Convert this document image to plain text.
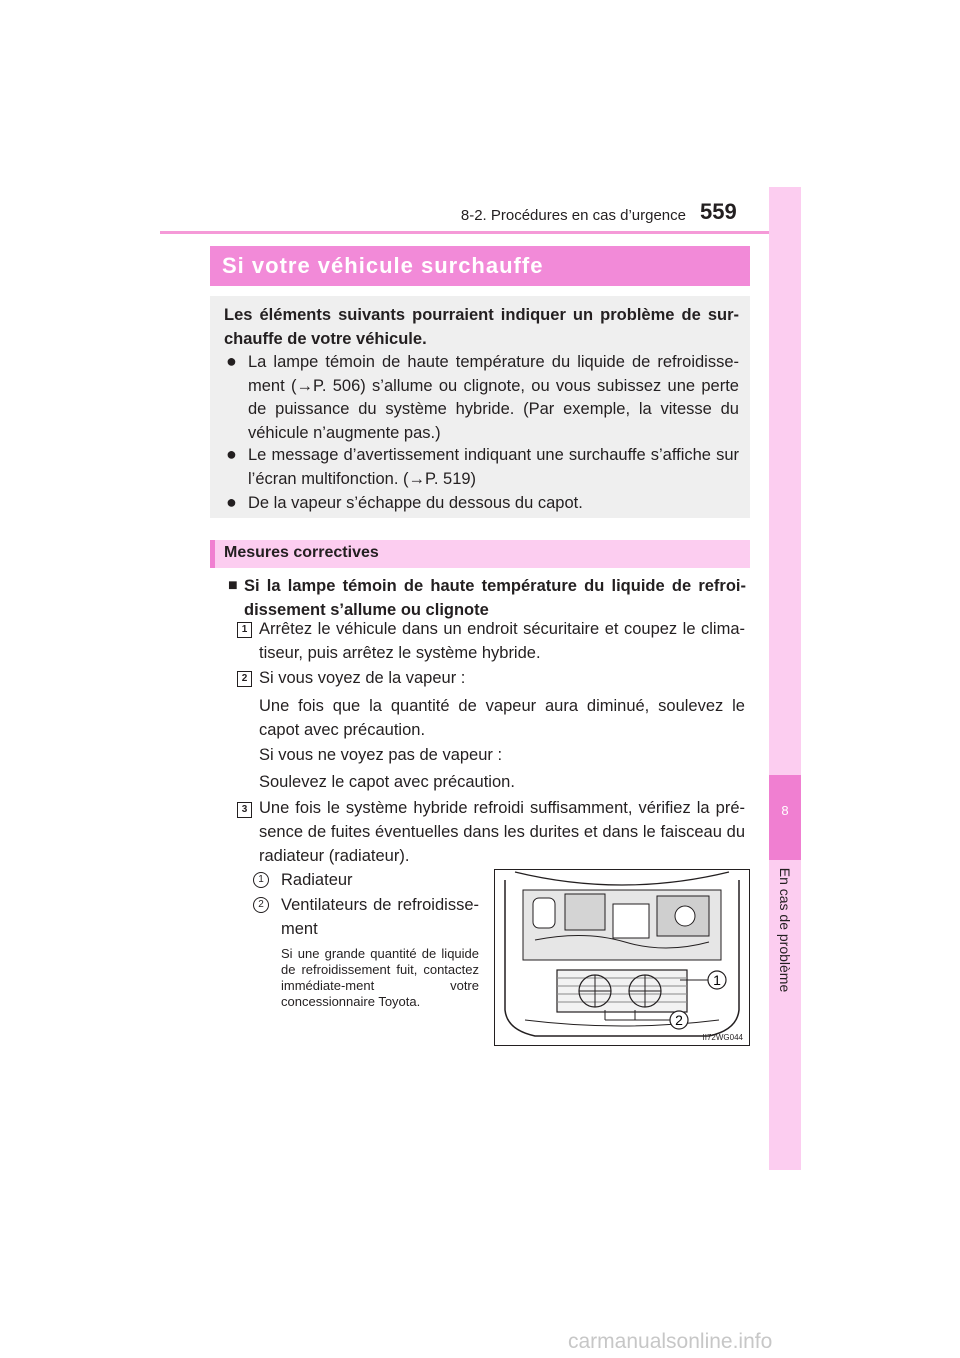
8-2. Procédures en cas d’urgence 559
8
En cas de problème
Si votre véhicule surchauffe

Les éléments suivants pourraient indiquer un problème de sur-chauffe de votre véhicule.

● La lampe témoin de haute température du liquide de refroidisse-ment (→P. 506) s’allume ou clignote, ou vous subissez une perte de puissance du système hybride. (Par exemple, la vitesse du véhicule n’augmente pas.)

● Le message d’avertissement indiquant une surchauffe s’affiche sur l’écran multifonction. (→P. 519)

● De la vapeur s’échappe du dessous du capot.

Mesures correctives
■ Si la lampe témoin de haute température du liquide de refroi-dissement s’allume ou clignote
1 Arrêtez le véhicule dans un endroit sécuritaire et coupez le clima-tiseur, puis arrêtez le système hybride.

2 Si vous voyez de la vapeur :

Une fois que la quantité de vapeur aura diminué, soulevez le capot avec précaution.

Si vous ne voyez pas de vapeur :

Soulevez le capot avec précaution.

3 Une fois le système hybride refroidi suffisamment, vérifiez la pré-sence de fuites éventuelles dans les durites et dans le faisceau du radiateur (radiateur).

1	Radiateur

2	Ventilateurs de refroidisse-ment

Si une grande quantité de liquide de refroidissement fuit, contactez immédiate-ment votre concessionnaire Toyota.

1
2
II72WG044
carmanualsonline.info
